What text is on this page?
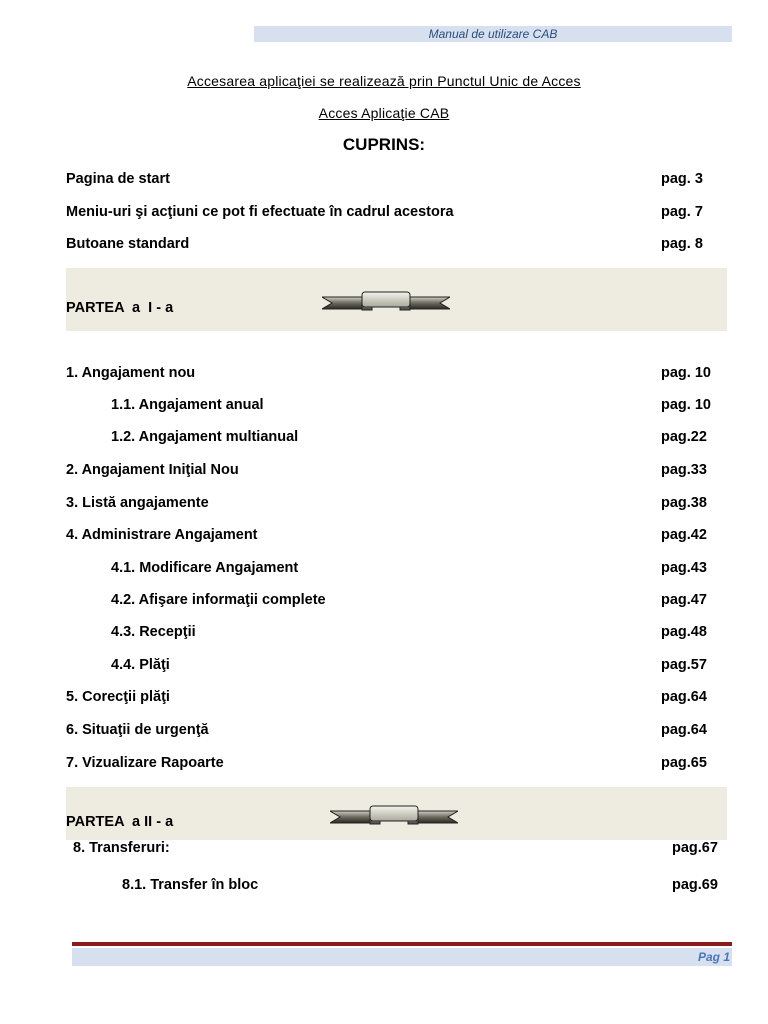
Manual de utilizare CAB
Accesarea aplicaţiei se realizează prin Punctul Unic de Acces
Acces Aplicaţie CAB
CUPRINS:
Pagina de start	pag. 3
Meniu-uri şi acţiuni ce pot fi efectuate în cadrul acestora	pag. 7
Butoane standard	pag. 8
PARTEA  a  I - a
1. Angajament nou	pag. 10
1.1. Angajament anual	pag. 10
1.2. Angajament multianual	pag.22
2. Angajament Iniţial Nou	pag.33
3. Listă angajamente	pag.38
4. Administrare Angajament	pag.42
4.1. Modificare Angajament	pag.43
4.2. Afişare informaţii complete	pag.47
4.3. Recepţii	pag.48
4.4. Plăţi	pag.57
5. Corecţii plăţi	pag.64
6. Situaţii de urgenţă	pag.64
7. Vizualizare Rapoarte	pag.65
PARTEA  a II - a
8. Transferuri:	pag.67
8.1. Transfer în bloc	pag.69
Pag 1
